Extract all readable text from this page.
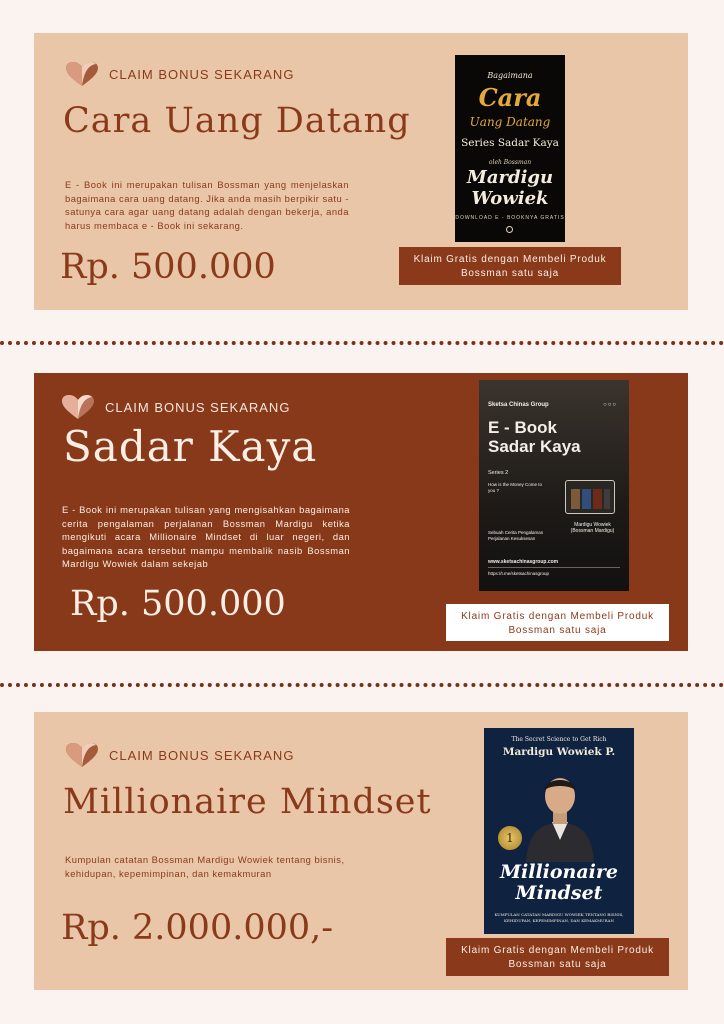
CLAIM BONUS SEKARANG
Cara Uang Datang

E - Book ini merupakan tulisan Bossman yang menjelaskan bagaimana cara uang datang. Jika anda masih berpikir satu - satunya cara agar uang datang adalah dengan bekerja, anda harus membaca e - Book ini sekarang.

Rp. 500.000

Bagaimana
Cara
Uang Datang
Series Sadar Kaya
oleh Bossman
Mardigu
Wowiek
DOWNLOAD E - BOOKNYA GRATIS
Klaim Gratis dengan Membeli Produk Bossman satu saja
CLAIM BONUS SEKARANG
Sadar Kaya

E - Book ini merupakan tulisan yang mengisahkan bagaimana cerita pengalaman perjalanan Bossman Mardigu ketika mengikuti acara Millionaire Mindset di luar negeri, dan bagaimana acara tersebut mampu membalik nasib Bossman Mardigu Wowiek dalam sekejab

Rp. 500.000

Sketsa Chinas Group	○○○
E - Book
Sadar Kaya
Series 2
How is the Money Come to you ?
Sebuah Cerita Pengalaman Perjalanan Kesuksesan
Mardigu Wowiek
(Bossman Mardigu)
www.sketsachinasgroup.com
https://t.me/sketsachinasgroup
Klaim Gratis dengan Membeli Produk Bossman satu saja
CLAIM BONUS SEKARANG
Millionaire Mindset

Kumpulan catatan Bossman Mardigu Wowiek tentang bisnis, kehidupan, kepemimpinan, dan kemakmuran

Rp. 2.000.000,-

The Secret Science to Get Rich
Mardigu Wowiek P.
1
Millionaire
Mindset
KUMPULAN CATATAN MARDIGU WOWIEK TENTANG BISNIS, KEHIDUPAN, KEPEMIMPINAN, DAN KEMAKMURAN
Klaim Gratis dengan Membeli Produk Bossman satu saja
